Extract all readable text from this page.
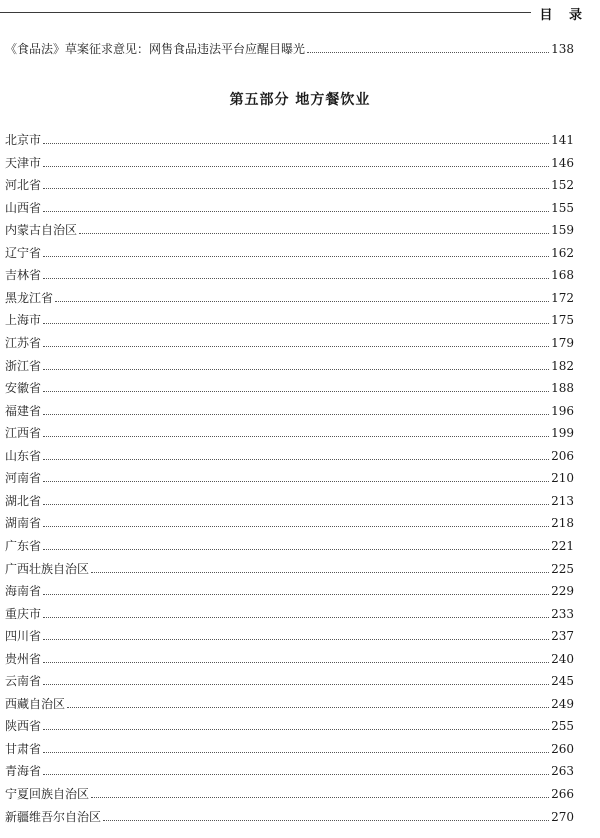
目 录
《食品法》草案征求意见：网售食品违法平台应醒目曝光	138
第五部分 地方餐饮业
北京市	141
天津市	146
河北省	152
山西省	155
内蒙古自治区	159
辽宁省	162
吉林省	168
黑龙江省	172
上海市	175
江苏省	179
浙江省	182
安徽省	188
福建省	196
江西省	199
山东省	206
河南省	210
湖北省	213
湖南省	218
广东省	221
广西壮族自治区	225
海南省	229
重庆市	233
四川省	237
贵州省	240
云南省	245
西藏自治区	249
陕西省	255
甘肃省	260
青海省	263
宁夏回族自治区	266
新疆维吾尔自治区	270
